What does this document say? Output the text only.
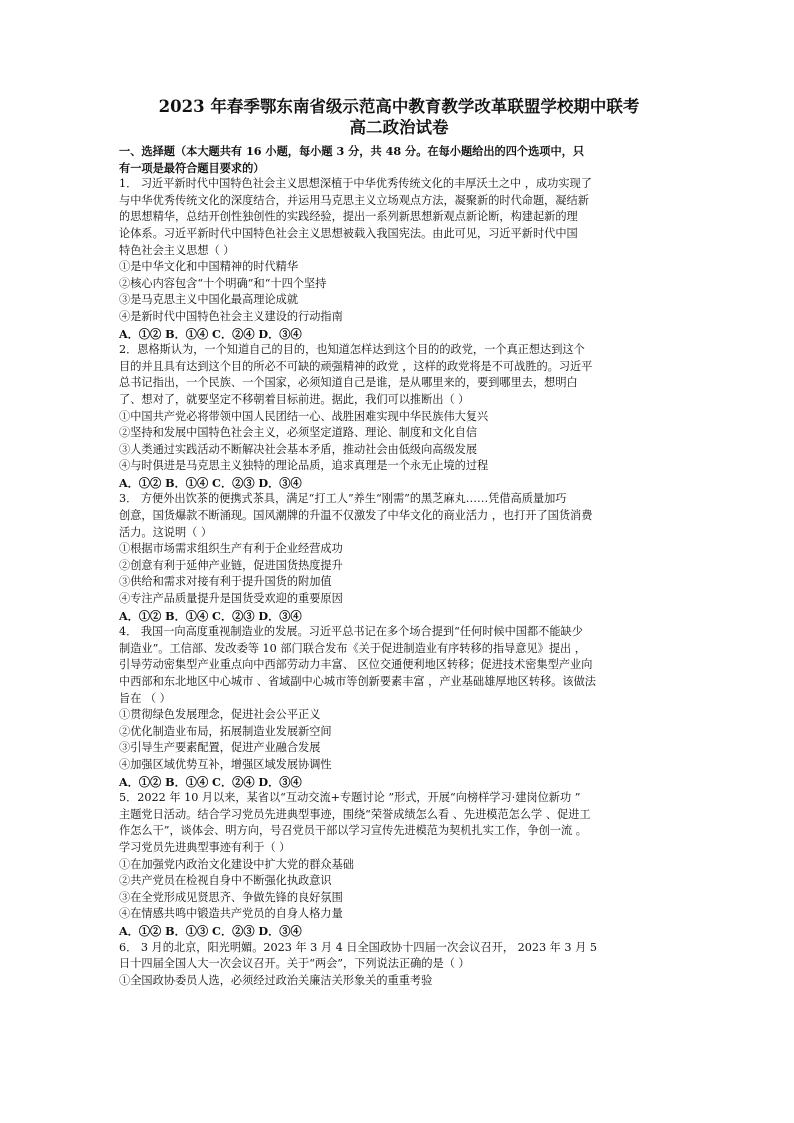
2023 年春季鄂东南省级示范高中教育教学改革联盟学校期中联考
高二政治试卷
一、选择题（本大题共有 16 小题，每小题 3 分，共 48 分。在每小题给出的四个选项中，只
有一项是最符合题目要求的）
1． 习近平新时代中国特色社会主义思想深植于中华优秀传统文化的丰厚沃土之中 ，成功实现了
与中华优秀传统文化的深度结合，并运用马克思主义立场观点方法，凝聚新的时代命题，凝结新
的思想精华，总结开创性独创性的实践经验，提出一系列新思想新观点新论断，构建起新的理
论体系。习近平新时代中国特色社会主义思想被载入我国宪法。由此可见，习近平新时代中国
特色社会主义思想（ ）
①是中华文化和中国精神的时代精华
②核心内容包含“十个明确”和“十四个坚持
③是马克思主义中国化最高理论成就
④是新时代中国特色社会主义建设的行动指南
A．①② B．①④ C．②④ D．③④
2．恩格斯认为，一个知道自己的目的，也知道怎样达到这个目的的政党，一个真正想达到这个
目的并且具有达到这个目的所必不可缺的顽强精神的政党 ，这样的政党将是不可战胜的。习近平
总书记指出，一个民族、一个国家，必须知道自己是谁，是从哪里来的，要到哪里去，想明白
了、想对了，就要坚定不移朝着目标前进。据此，我们可以推断出（ ）
①中国共产党必将带领中国人民团结一心、战胜困难实现中华民族伟大复兴
②坚持和发展中国特色社会主义，必须坚定道路、理论、制度和文化自信
③人类通过实践活动不断解决社会基本矛盾，推动社会由低级向高级发展
④与时俱进是马克思主义独特的理论品质，追求真理是一个永无止境的过程
A．①② B．①④ C．②③ D．③④
3． 方便外出饮茶的便携式茶具，满足“打工人”养生“刚需”的黑芝麻丸……凭借高质量加巧
创意，国货爆款不断涌现。国风潮牌的升温不仅激发了中华文化的商业活力 ，也打开了国货消费
活力。这说明（ ）
①根据市场需求组织生产有利于企业经营成功
②创意有利于延伸产业链，促进国货热度提升
③供给和需求对接有利于提升国货的附加值
④专注产品质量提升是国货受欢迎的重要原因
A．①② B．①④ C．②③ D．③④
4． 我国一向高度重视制造业的发展。习近平总书记在多个场合提到“任何时候中国都不能缺少
制造业”。工信部、发改委等 10 部门联合发布《关于促进制造业有序转移的指导意见》提出 ，
引导劳动密集型产业重点向中西部劳动力丰富、 区位交通便利地区转移；促进技术密集型产业向
中西部和东北地区中心城市 、省域副中心城市等创新要素丰富 ，产业基础雄厚地区转移。该做法
旨在 （ ）
①贯彻绿色发展理念，促进社会公平正义
②优化制造业布局，拓展制造业发展新空间
③引导生产要素配置，促进产业融合发展
④加强区域优势互补，增强区域发展协调性
A．①② B．①④ C．②④ D．③④
5．2022 年 10 月以来，某省以“互动交流+专题讨论 ”形式，开展“向榜样学习·建岗位新功 ”
主题党日活动。结合学习党员先进典型事迹，围绕“荣誉成绩怎么看 、先进模范怎么学 、促进工
作怎么干”，谈体会、明方向，号召党员干部以学习宣传先进模范为契机扎实工作，争创一流 。
学习党员先进典型事迹有利于（ ）
①在加强党内政治文化建设中扩大党的群众基础
②共产党员在检视自身中不断强化执政意识
③在全党形成见贤思齐、争做先锋的良好氛围
④在情感共鸣中锻造共产党员的自身人格力量
A．①② B．①③ C．②③ D．③④
6． 3 月的北京，阳光明媚。2023 年 3 月 4 日全国政协十四届一次会议召开， 2023 年 3 月 5
日十四届全国人大一次会议召开。关于“两会”，下列说法正确的是（ ）
①全国政协委员人选，必须经过政治关廉洁关形象关的重重考验
